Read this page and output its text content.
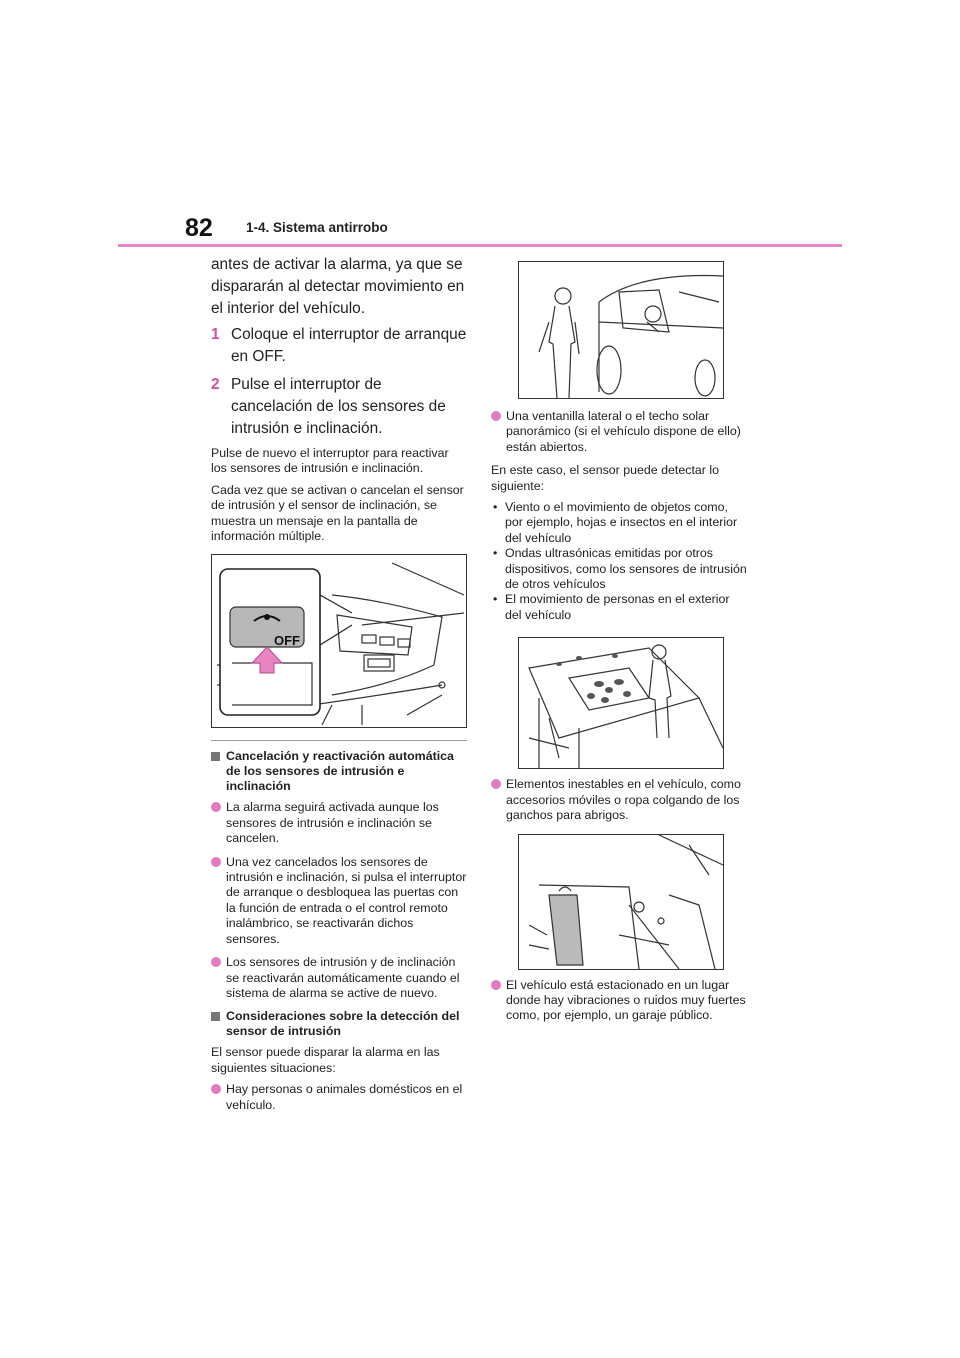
82 1-4. Sistema antirrobo

antes de activar la alarma, ya que se dispararán al detectar movimiento en el interior del vehículo.

1 Coloque el interruptor de arranque en OFF.
2 Pulse el interruptor de cancelación de los sensores de intrusión e inclinación.

Pulse de nuevo el interruptor para reactivar los sensores de intrusión e inclinación.

Cada vez que se activan o cancelan el sensor de intrusión y el sensor de inclinación, se muestra un mensaje en la pantalla de información múltiple.

OFF
Cancelación y reactivación automática de los sensores de intrusión e inclinación
La alarma seguirá activada aunque los sensores de intrusión e inclinación se cancelen.
Una vez cancelados los sensores de intrusión e inclinación, si pulsa el interruptor de arranque o desbloquea las puertas con la función de entrada o el control remoto inalámbrico, se reactivarán dichos sensores.
Los sensores de intrusión y de inclinación se reactivarán automáticamente cuando el sistema de alarma se active de nuevo.
Consideraciones sobre la detección del sensor de intrusión

El sensor puede disparar la alarma en las siguientes situaciones:

Hay personas o animales domésticos en el vehículo.
Una ventanilla lateral o el techo solar panorámico (si el vehículo dispone de ello) están abiertos.

En este caso, el sensor puede detectar lo siguiente:

• Viento o el movimiento de objetos como, por ejemplo, hojas e insectos en el interior del vehículo
• Ondas ultrasónicas emitidas por otros dispositivos, como los sensores de intrusión de otros vehículos
• El movimiento de personas en el exterior del vehículo
Elementos inestables en el vehículo, como accesorios móviles o ropa colgando de los ganchos para abrigos.
El vehículo está estacionado en un lugar donde hay vibraciones o ruidos muy fuertes como, por ejemplo, un garaje público.
